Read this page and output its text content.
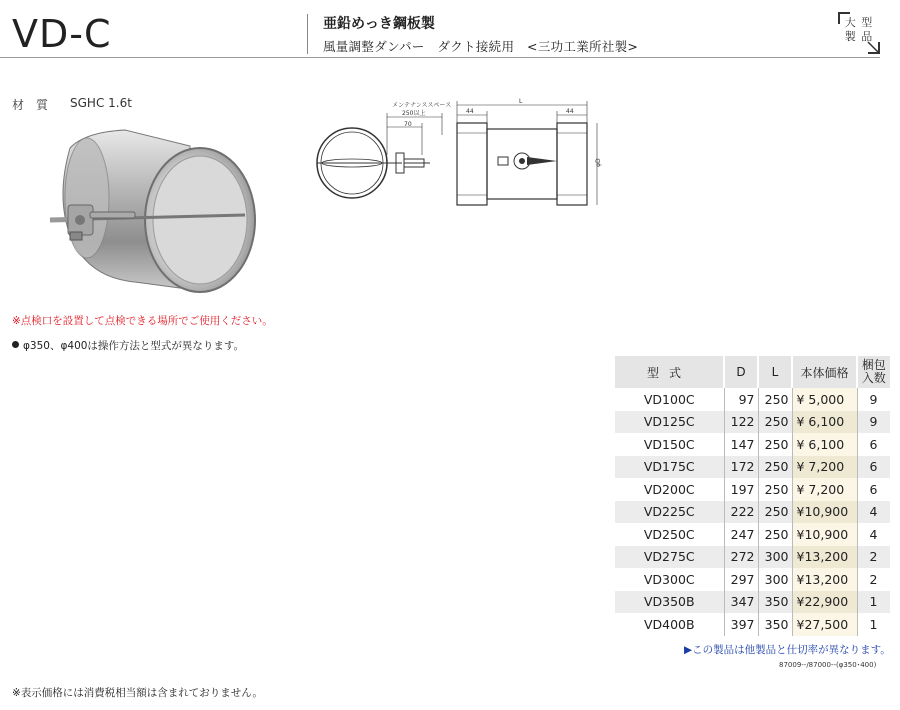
VD-C	亜鉛めっき鋼板製
風量調整ダンパー　ダクト接続用　<三功工業所社製>
大 型
製 品
材質 SGHC 1.6t	メンテナンススペース
250以上
70
L
44	44
φD
※点検口を設置して点検できる場所でご使用ください。
φ350、φ400は操作方法と型式が異なります。
型式	D	L	本体価格	梱包
入数

VD100C	97	250	¥ 5,000	9
VD125C	122	250	¥ 6,100	9
VD150C	147	250	¥ 6,100	6
VD175C	172	250	¥ 7,200	6
VD200C	197	250	¥ 7,200	6
VD225C	222	250	¥10,900	4
VD250C	247	250	¥10,900	4
VD275C	272	300	¥13,200	2
VD300C	297	300	¥13,200	2
VD350B	347	350	¥22,900	1
VD400B	397	350	¥27,500	1
▶この製品は他製品と仕切率が異なります。
87009--/87000--(φ350･400)
※表示価格には消費税相当額は含まれておりません。
